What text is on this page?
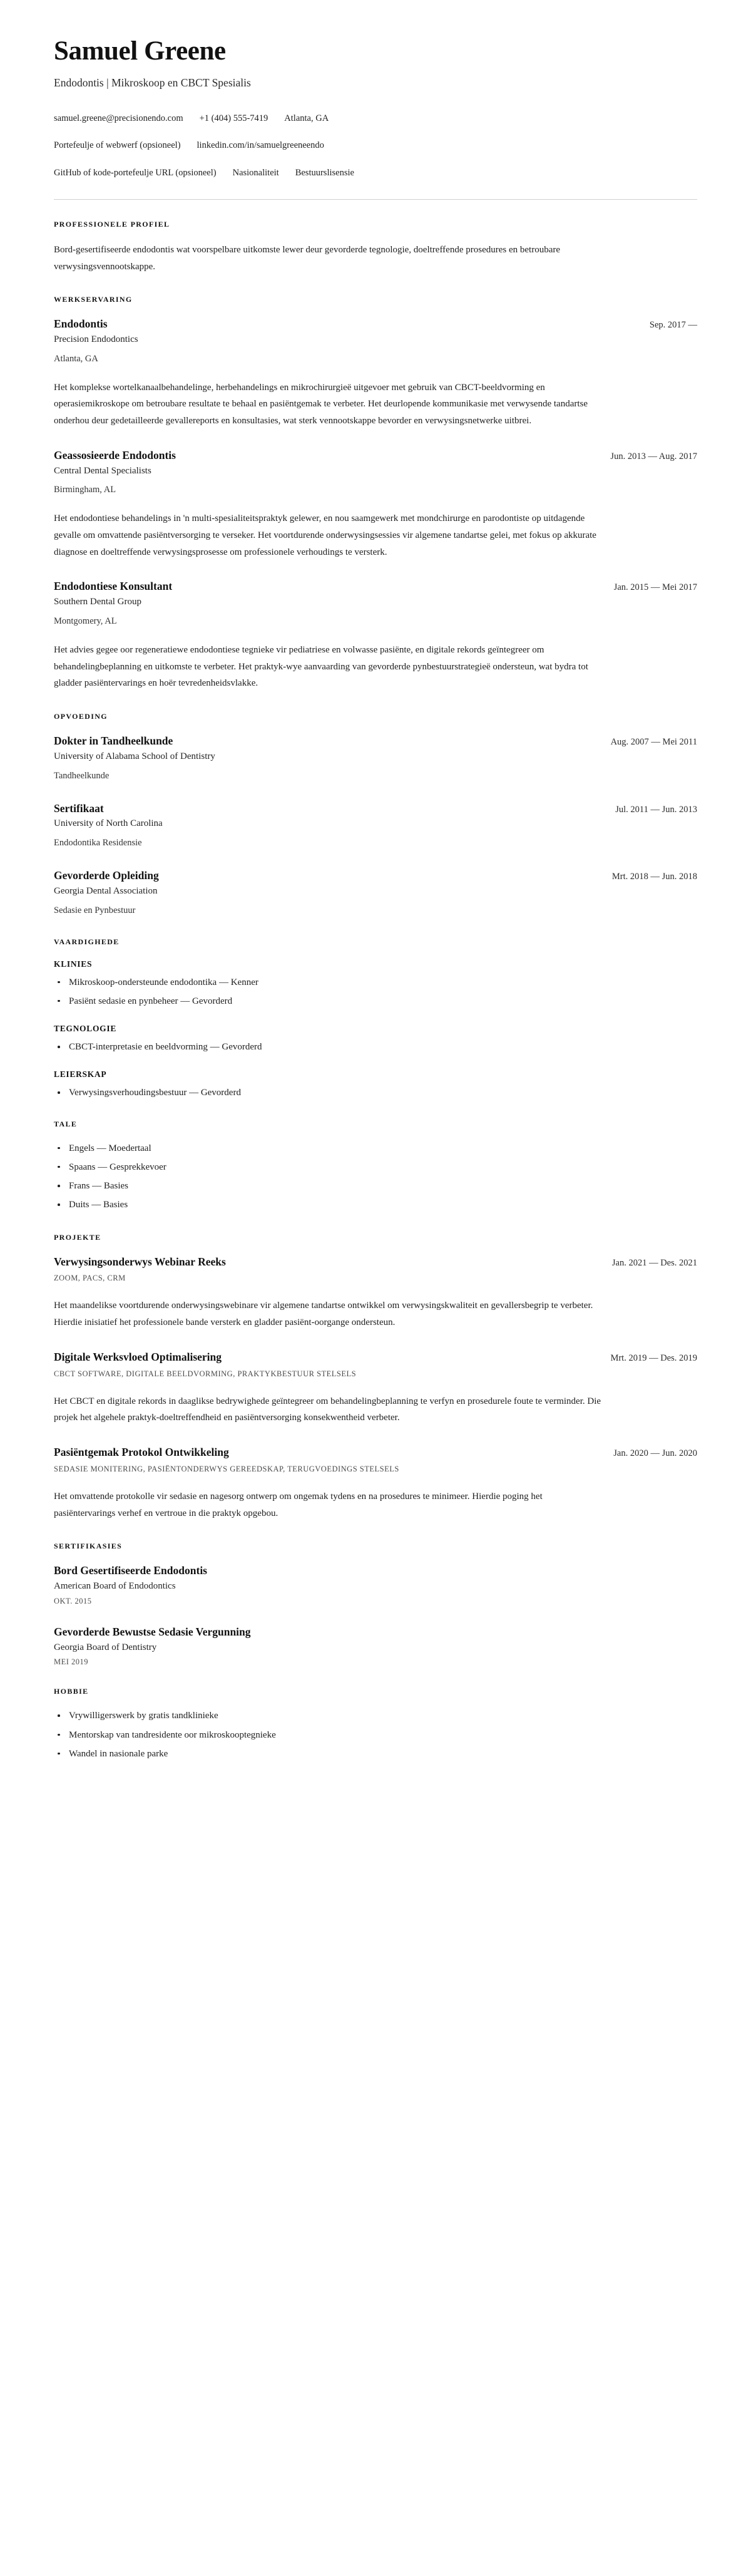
Samuel Greene
Endodontis | Mikroskoop en CBCT Spesialis
samuel.greene@precisionendo.com +1 (404) 555-7419 Atlanta, GA
Portefeulje of webwerf (opsioneel) linkedin.com/in/samuelgreeneendo
GitHub of kode-portefeulje URL (opsioneel) Nasionaliteit Bestuurslisensie
PROFESSIONELE PROFIEL

Bord-gesertifiseerde endodontis wat voorspelbare uitkomste lewer deur gevorderde tegnologie, doeltreffende prosedures en betroubare verwysingsvennootskappe.

WERKSERVARING
Endodontis	Sep. 2017 —
Precision Endodontics
Atlanta, GA

Het komplekse wortelkanaalbehandelinge, herbehandelings en mikrochirurgieë uitgevoer met gebruik van CBCT-beeldvorming en operasiemikroskope om betroubare resultate te behaal en pasiëntgemak te verbeter. Het deurlopende kommunikasie met verwysende tandartse onderhou deur gedetailleerde gevallereports en konsultasies, wat sterk vennootskappe bevorder en verwysingsnetwerke uitbrei.

Geassosieerde Endodontis	Jun. 2013 — Aug. 2017
Central Dental Specialists
Birmingham, AL

Het endodontiese behandelings in 'n multi-spesialiteitspraktyk gelewer, en nou saamgewerk met mondchirurge en parodontiste op uitdagende gevalle om omvattende pasiëntversorging te verseker. Het voortdurende onderwysingsessies vir algemene tandartse gelei, met fokus op akkurate diagnose en doeltreffende verwysingsprosesse om professionele verhoudings te versterk.

Endodontiese Konsultant	Jan. 2015 — Mei 2017
Southern Dental Group
Montgomery, AL

Het advies gegee oor regeneratiewe endodontiese tegnieke vir pediatriese en volwasse pasiënte, en digitale rekords geïntegreer om behandelingbeplanning en uitkomste te verbeter. Het praktyk-wye aanvaarding van gevorderde pynbestuurstrategieë ondersteun, wat bydra tot gladder pasiëntervarings en hoër tevredenheidsvlakke.

OPVOEDING
Dokter in Tandheelkunde	Aug. 2007 — Mei 2011
University of Alabama School of Dentistry
Tandheelkunde
Sertifikaat	Jul. 2011 — Jun. 2013
University of North Carolina
Endodontika Residensie
Gevorderde Opleiding	Mrt. 2018 — Jun. 2018
Georgia Dental Association
Sedasie en Pynbestuur
VAARDIGHEDE
KLINIES
Mikroskoop-ondersteunde endodontika — Kenner
Pasiënt sedasie en pynbeheer — Gevorderd
TEGNOLOGIE
CBCT-interpretasie en beeldvorming — Gevorderd
LEIERSKAP
Verwysingsverhoudingsbestuur — Gevorderd
TALE
Engels — Moedertaal
Spaans — Gesprekkevoer
Frans — Basies
Duits — Basies
PROJEKTE
Verwysingsonderwys Webinar Reeks	Jan. 2021 — Des. 2021
ZOOM, PACS, CRM

Het maandelikse voortdurende onderwysingswebinare vir algemene tandartse ontwikkel om verwysingskwaliteit en gevallersbegrip te verbeter. Hierdie inisiatief het professionele bande versterk en gladder pasiënt-oorgange ondersteun.

Digitale Werksvloed Optimalisering	Mrt. 2019 — Des. 2019
CBCT SOFTWARE, DIGITALE BEELDVORMING, PRAKTYKBESTUUR STELSELS

Het CBCT en digitale rekords in daaglikse bedrywighede geïntegreer om behandelingbeplanning te verfyn en prosedurele foute te verminder. Die projek het algehele praktyk-doeltreffendheid en pasiëntversorging konsekwentheid verbeter.

Pasiëntgemak Protokol Ontwikkeling	Jan. 2020 — Jun. 2020
SEDASIE MONITERING, PASIËNTONDERWYS GEREEDSKAP, TERUGVOEDINGS STELSELS

Het omvattende protokolle vir sedasie en nagesorg ontwerp om ongemak tydens en na prosedures te minimeer. Hierdie poging het pasiëntervarings verhef en vertroue in die praktyk opgebou.

SERTIFIKASIES
Bord Gesertifiseerde Endodontis
American Board of Endodontics
OKT. 2015
Gevorderde Bewustse Sedasie Vergunning
Georgia Board of Dentistry
MEI 2019
HOBBIE
Vrywilligerswerk by gratis tandklinieke
Mentorskap van tandresidente oor mikroskooptegnieke
Wandel in nasionale parke
